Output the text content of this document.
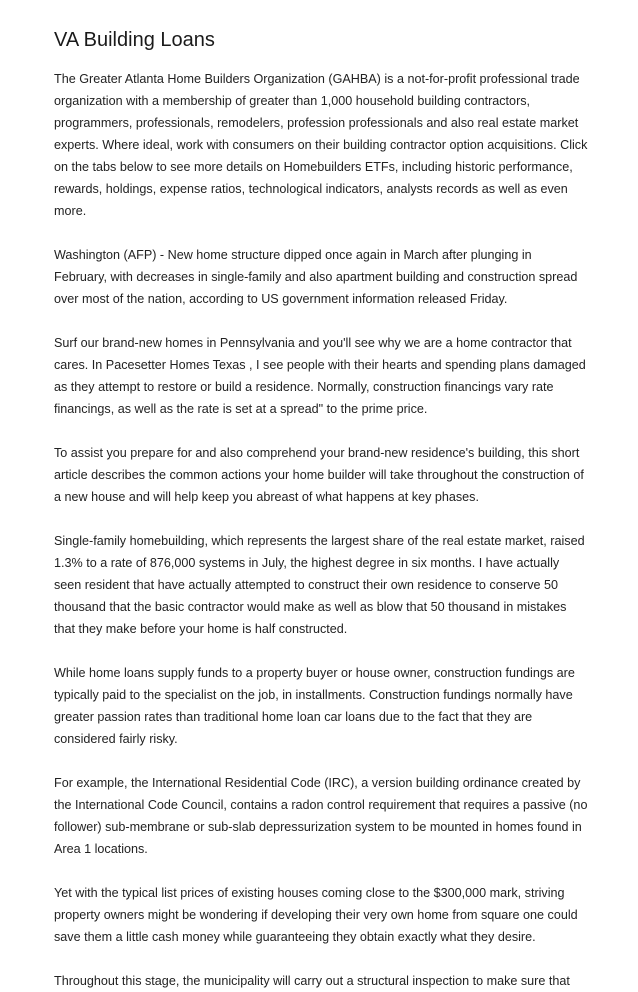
VA Building Loans

The Greater Atlanta Home Builders Organization (GAHBA) is a not-for-profit professional trade organization with a membership of greater than 1,000 household building contractors, programmers, professionals, remodelers, profession professionals and also real estate market experts. Where ideal, work with consumers on their building contractor option acquisitions. Click on the tabs below to see more details on Homebuilders ETFs, including historic performance, rewards, holdings, expense ratios, technological indicators, analysts records as well as even more.

Washington (AFP) - New home structure dipped once again in March after plunging in February, with decreases in single-family and also apartment building and construction spread over most of the nation, according to US government information released Friday.

Surf our brand-new homes in Pennsylvania and you'll see why we are a home contractor that cares. In Pacesetter Homes Texas , I see people with their hearts and spending plans damaged as they attempt to restore or build a residence. Normally, construction financings vary rate financings, as well as the rate is set at a spread" to the prime price.

To assist you prepare for and also comprehend your brand-new residence's building, this short article describes the common actions your home builder will take throughout the construction of a new house and will help keep you abreast of what happens at key phases.

Single-family homebuilding, which represents the largest share of the real estate market, raised 1.3% to a rate of 876,000 systems in July, the highest degree in six months. I have actually seen resident that have actually attempted to construct their own residence to conserve 50 thousand that the basic contractor would make as well as blow that 50 thousand in mistakes that they make before your home is half constructed.

While home loans supply funds to a property buyer or house owner, construction fundings are typically paid to the specialist on the job, in installments. Construction fundings normally have greater passion rates than traditional home loan car loans due to the fact that they are considered fairly risky.

For example, the International Residential Code (IRC), a version building ordinance created by the International Code Council, contains a radon control requirement that requires a passive (no follower) sub-membrane or sub-slab depressurization system to be mounted in homes found in Area 1 locations.

Yet with the typical list prices of existing houses coming close to the $300,000 mark, striving property owners might be wondering if developing their very own home from square one could save them a little cash money while guaranteeing they obtain exactly what they desire.

Throughout this stage, the municipality will carry out a structural inspection to make sure that
